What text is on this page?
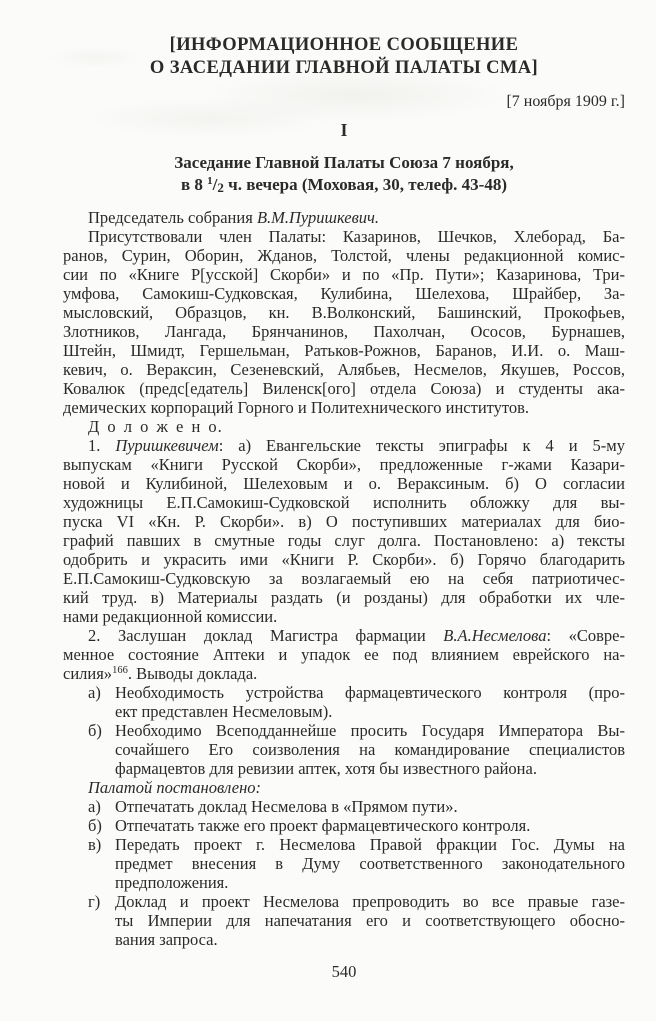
[ИНФОРМАЦИОННОЕ СООБЩЕНИЕ
О ЗАСЕДАНИИ ГЛАВНОЙ ПАЛАТЫ СМА]
[7 ноября 1909 г.]
I
Заседание Главной Палаты Союза 7 ноября,
в 8 $^1$/2 ч. вечера (Моховая, 30, телеф. 43-48)
Председатель собрания В.М.Пуришкевич.
Присутствовали член Палаты: Казаринов, Шечков, Хлеборад, Ба-
ранов, Сурин, Оборин, Жданов, Толстой, члены редакционной комис-
сии по «Книге Р[усской] Скорби» и по «Пр. Пути»; Казаринова, Три-
умфова, Самокиш-Судковская, Кулибина, Шелехова, Шрайбер, За-
мысловский, Образцов, кн. В.Волконский, Башинский, Прокофьев,
Злотников, Лангада, Брянчанинов, Пахолчан, Ососов, Бурнашев,
Штейн, Шмидт, Гершельман, Ратьков-Рожнов, Баранов, И.И. о. Маш-
кевич, о. Вераксин, Сезеневский, Алябьев, Несмелов, Якушев, Россов,
Ковалюк (предс[едатель] Виленск[ого] отдела Союза) и студенты ака-
демических корпораций Горного и Политехнического институтов.
Д о л о ж е н о.
1. Пуришкевичем: а) Евангельские тексты эпиграфы к 4 и 5-му
выпускам «Книги Русской Скорби», предложенные г-жами Казари-
новой и Кулибиной, Шелеховым и о. Вераксиным. б) О согласии
художницы Е.П.Самокиш-Судковской исполнить обложку для вы-
пуска VI «Кн. Р. Скорби». в) О поступивших материалах для био-
графий павших в смутные годы слуг долга. Постановлено: а) тексты
одобрить и украсить ими «Книги Р. Скорби». б) Горячо благодарить
Е.П.Самокиш-Судковскую за возлагаемый ею на себя патриотичес-
кий труд. в) Материалы раздать (и розданы) для обработки их чле-
нами редакционной комиссии.
2. Заслушан доклад Магистра фармации В.А.Несмелова: «Совре-
менное состояние Аптеки и упадок ее под влиянием еврейского на-
силия»$^{166}$. Выводы доклада.
а) Необходимость устройства фармацевтического контроля (про-
ект представлен Несмеловым).
б) Необходимо Всеподданнейше просить Государя Императора Вы-
сочайшего Его соизволения на командирование специалистов
фармацевтов для ревизии аптек, хотя бы известного района.
Палатой постановлено:
а) Отпечатать доклад Несмелова в «Прямом пути».
б) Отпечатать также его проект фармацевтического контроля.
в) Передать проект г. Несмелова Правой фракции Гос. Думы на
предмет внесения в Думу соответственного законодательного
предположения.
г) Доклад и проект Несмелова препроводить во все правые газе-
ты Империи для напечатания его и соответствующего обосно-
вания запроса.
540
